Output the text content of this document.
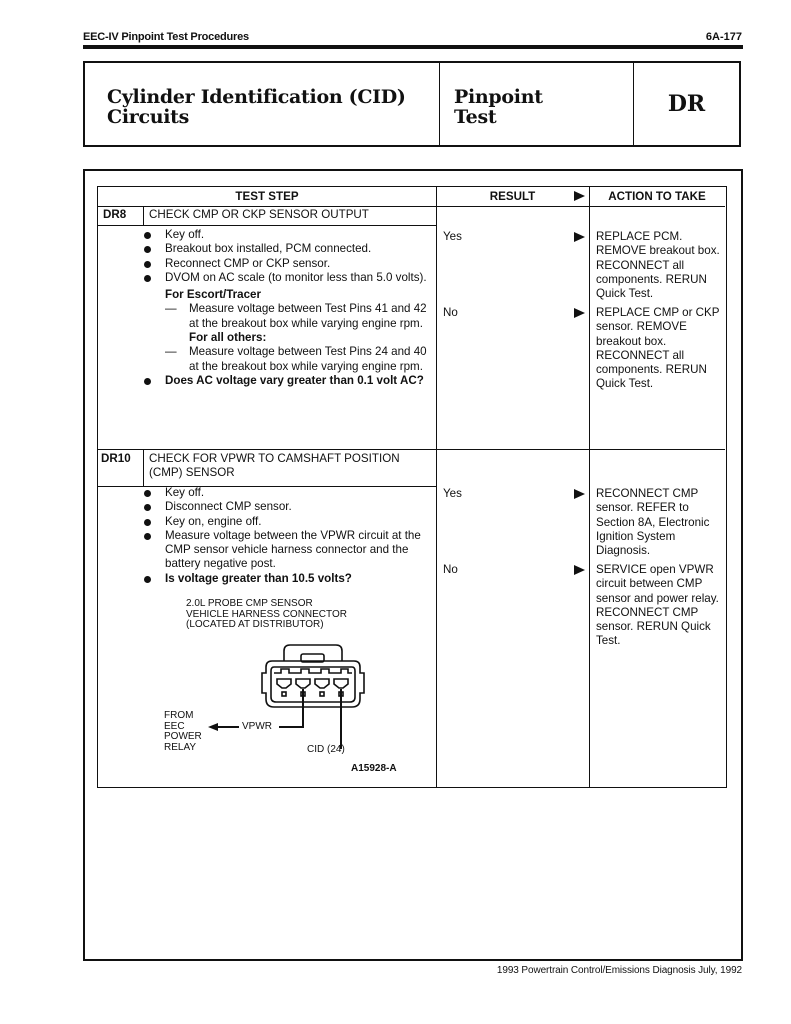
EEC-IV Pinpoint Test Procedures	6A-177
Cylinder Identification (CID)
Circuits
Pinpoint
Test	DR
TEST STEP	RESULT	ACTION TO TAKE
DR8 CHECK CMP OR CKP SENSOR OUTPUT
Key off.
Breakout box installed, PCM connected.
Reconnect CMP or CKP sensor.
DVOM on AC scale (to monitor less than 5.0 volts).
For Escort/Tracer
— Measure voltage between Test Pins 41 and 42 at the breakout box while varying engine rpm.
For all others:
— Measure voltage between Test Pins 24 and 40 at the breakout box while varying engine rpm.
Does AC voltage vary greater than 0.1 volt AC?
Yes	REPLACE PCM. REMOVE breakout box. RECONNECT all components. RERUN Quick Test.
No	REPLACE CMP or CKP sensor. REMOVE breakout box. RECONNECT all components. RERUN Quick Test.
DR10 CHECK FOR VPWR TO CAMSHAFT POSITION (CMP) SENSOR
Key off.
Disconnect CMP sensor.
Key on, engine off.
Measure voltage between the VPWR circuit at the CMP sensor vehicle harness connector and the battery negative post.
Is voltage greater than 10.5 volts?
Yes	RECONNECT CMP sensor. REFER to Section 8A, Electronic Ignition System Diagnosis.
No	SERVICE open VPWR circuit between CMP sensor and power relay. RECONNECT CMP sensor. RERUN Quick Test.
2.0L PROBE CMP SENSOR
VEHICLE HARNESS CONNECTOR
(LOCATED AT DISTRIBUTOR)
FROM
EEC
POWER
RELAY
VPWR
CID (24)
A15928-A
1993 Powertrain Control/Emissions Diagnosis July, 1992
